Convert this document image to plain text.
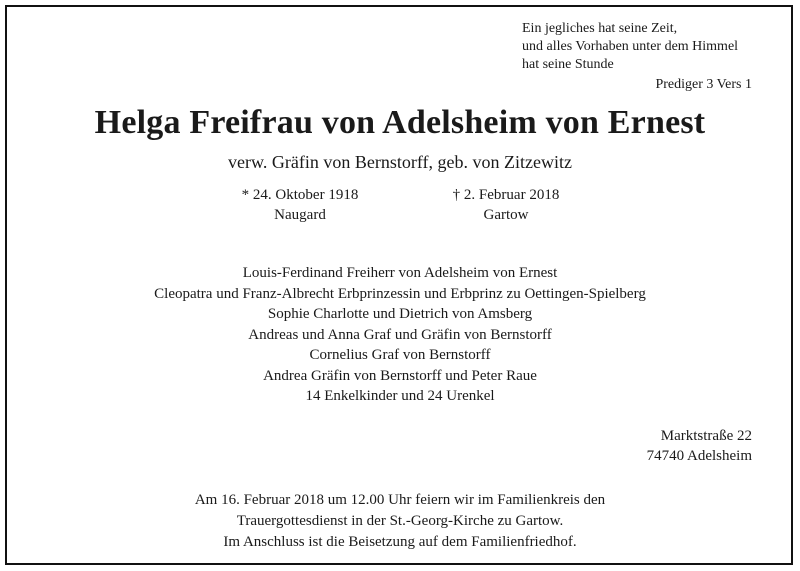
Ein jegliches hat seine Zeit,
und alles Vorhaben unter dem Himmel
hat seine Stunde
Prediger 3 Vers 1
Helga Freifrau von Adelsheim von Ernest
verw. Gräfin von Bernstorff, geb. von Zitzewitz
* 24. Oktober 1918
Naugard
† 2. Februar 2018
Gartow
Louis-Ferdinand Freiherr von Adelsheim von Ernest
Cleopatra und Franz-Albrecht Erbprinzessin und Erbprinz zu Oettingen-Spielberg
Sophie Charlotte und Dietrich von Amsberg
Andreas und Anna Graf und Gräfin von Bernstorff
Cornelius Graf von Bernstorff
Andrea Gräfin von Bernstorff und Peter Raue
14 Enkelkinder und 24 Urenkel
Marktstraße 22
74740 Adelsheim
Am 16. Februar 2018 um 12.00 Uhr feiern wir im Familienkreis den
Trauergottesdienst in der St.-Georg-Kirche zu Gartow.
Im Anschluss ist die Beisetzung auf dem Familienfriedhof.
